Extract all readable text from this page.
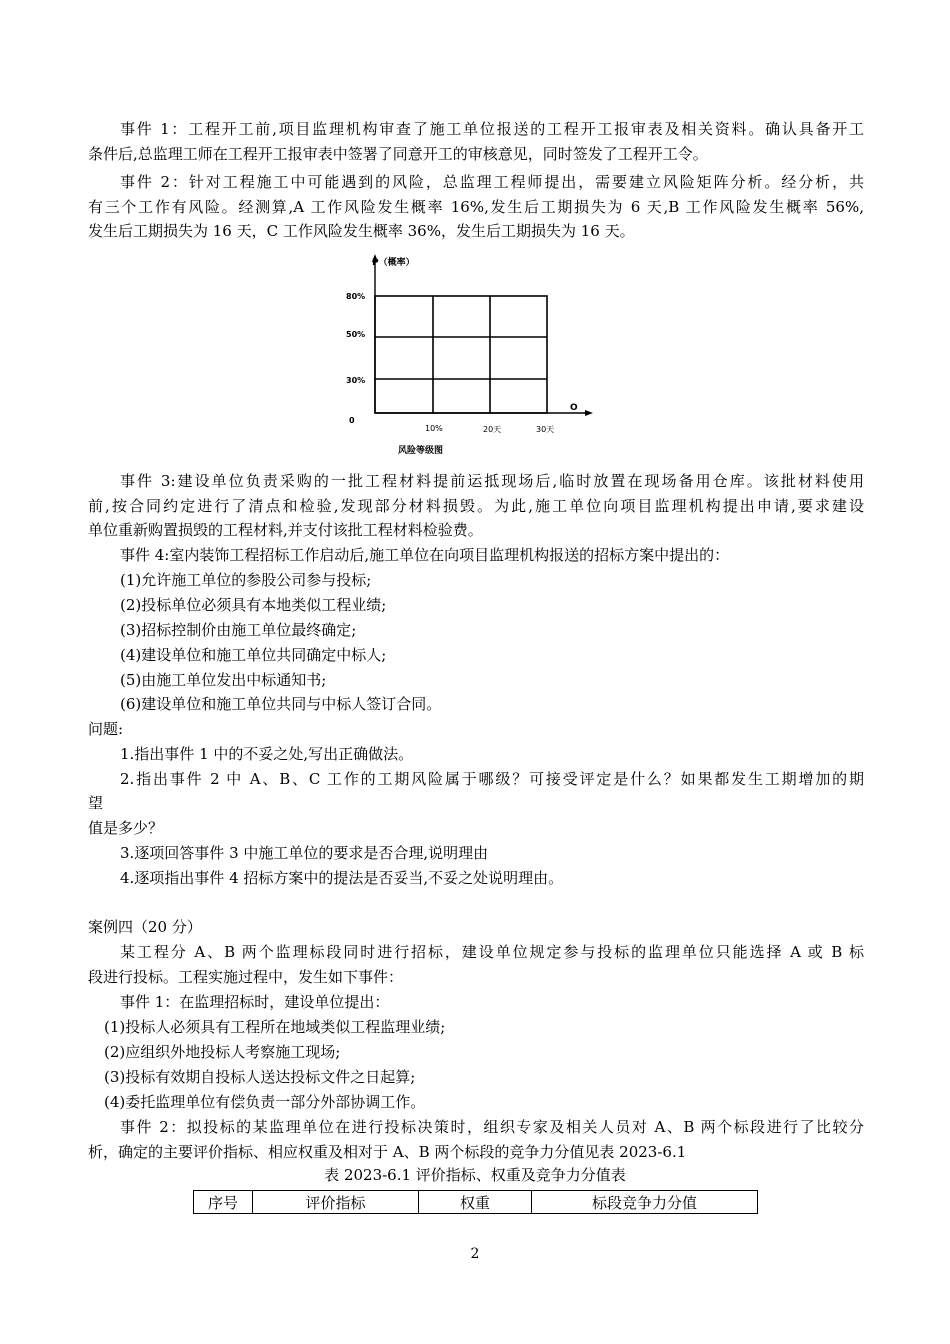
事件 1：工程开工前,项目监理机构审查了施工单位报送的工程开工报审表及相关资料。确认具备开工
条件后,总监理工师在工程开工报审表中签署了同意开工的审核意见，同时签发了工程开工令。
事件 2：针对工程施工中可能遇到的风险，总监理工程师提出，需要建立风险矩阵分析。经分析，共
有三个工作有风险。经测算,A 工作风险发生概率 16%,发生后工期损失为 6 天,B 工作风险发生概率 56%,
发生后工期损失为 16 天，C 工作风险发生概率 36%，发生后工期损失为 16 天。
P（概率）
80%
50%
30%
0
10%	20天	30天
O
风险等级图
事件 3:建设单位负责采购的一批工程材料提前运抵现场后,临时放置在现场备用仓库。该批材料使用
前,按合同约定进行了清点和检验,发现部分材料损毁。为此,施工单位向项目监理机构提出申请,要求建设
单位重新购置损毁的工程材料,并支付该批工程材料检验费。
事件 4:室内装饰工程招标工作启动后,施工单位在向项目监理机构报送的招标方案中提出的：
(1)允许施工单位的参股公司参与投标;
(2)投标单位必须具有本地类似工程业绩;
(3)招标控制价由施工单位最终确定;
(4)建设单位和施工单位共同确定中标人;
(5)由施工单位发出中标通知书;
(6)建设单位和施工单位共同与中标人签订合同。
问题:
1.指出事件 1 中的不妥之处,写出正确做法。
2.指出事件 2 中 A、B、C 工作的工期风险属于哪级？可接受评定是什么？如果都发生工期增加的期
望
值是多少？
3.逐项回答事件 3 中施工单位的要求是否合理,说明理由
4.逐项指出事件 4 招标方案中的提法是否妥当,不妥之处说明理由。
案例四（20 分）
某工程分 A、B 两个监理标段同时进行招标，建设单位规定参与投标的监理单位只能选择 A 或 B 标
段进行投标。工程实施过程中，发生如下事件：
事件 1：在监理招标时，建设单位提出：
(1)投标人必须具有工程所在地域类似工程监理业绩;
(2)应组织外地投标人考察施工现场;
(3)投标有效期自投标人送达投标文件之日起算;
(4)委托监理单位有偿负责一部分外部协调工作。
事件 2：拟投标的某监理单位在进行投标决策时，组织专家及相关人员对 A、B 两个标段进行了比较分
析，确定的主要评价指标、相应权重及相对于 A、B 两个标段的竞争力分值见表 2023-6.1
表 2023-6.1 评价指标、权重及竞争力分值表
序号	评价指标	权重	标段竞争力分值
2
